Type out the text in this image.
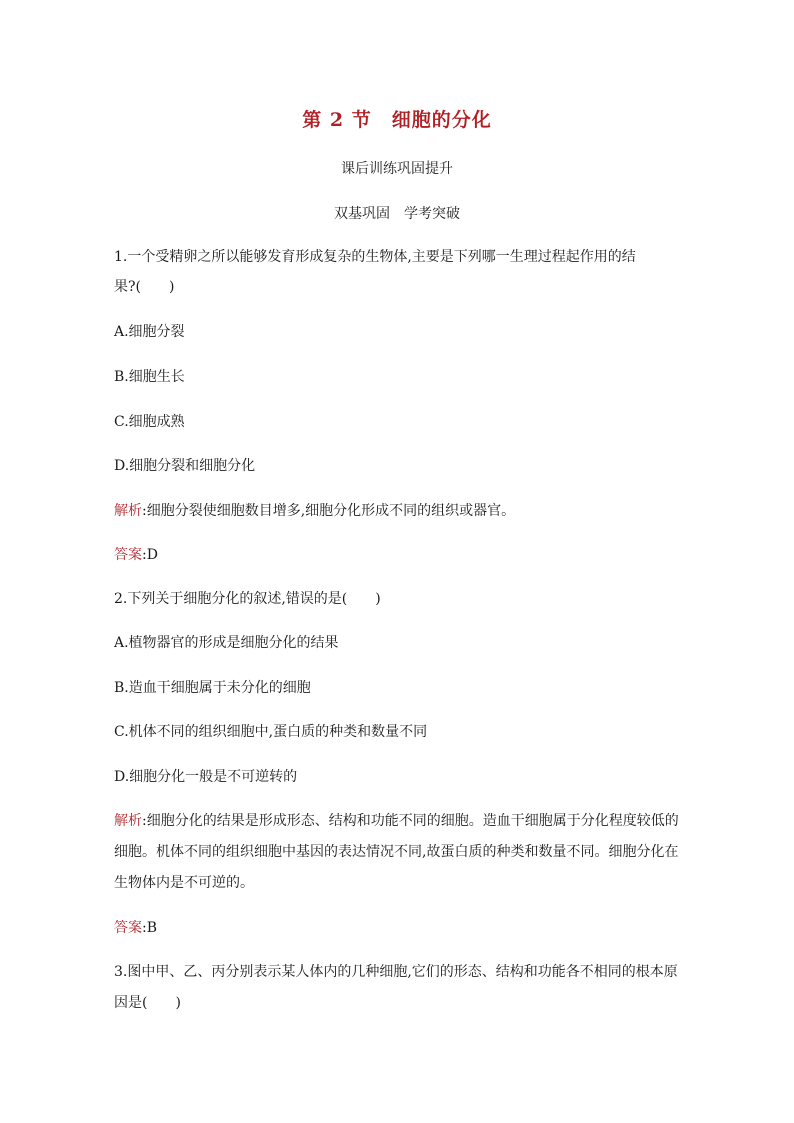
第 2 节　细胞的分化
课后训练巩固提升
双基巩固　学考突破
1.一个受精卵之所以能够发育形成复杂的生物体,主要是下列哪一生理过程起作用的结
果?(　　)
A.细胞分裂
B.细胞生长
C.细胞成熟
D.细胞分裂和细胞分化
解析:细胞分裂使细胞数目增多,细胞分化形成不同的组织或器官。
答案:D
2.下列关于细胞分化的叙述,错误的是(　　)
A.植物器官的形成是细胞分化的结果
B.造血干细胞属于未分化的细胞
C.机体不同的组织细胞中,蛋白质的种类和数量不同
D.细胞分化一般是不可逆转的
解析:细胞分化的结果是形成形态、结构和功能不同的细胞。造血干细胞属于分化程度较低的
细胞。机体不同的组织细胞中基因的表达情况不同,故蛋白质的种类和数量不同。细胞分化在
生物体内是不可逆的。
答案:B
3.图中甲、乙、丙分别表示某人体内的几种细胞,它们的形态、结构和功能各不相同的根本原
因是(　　)
